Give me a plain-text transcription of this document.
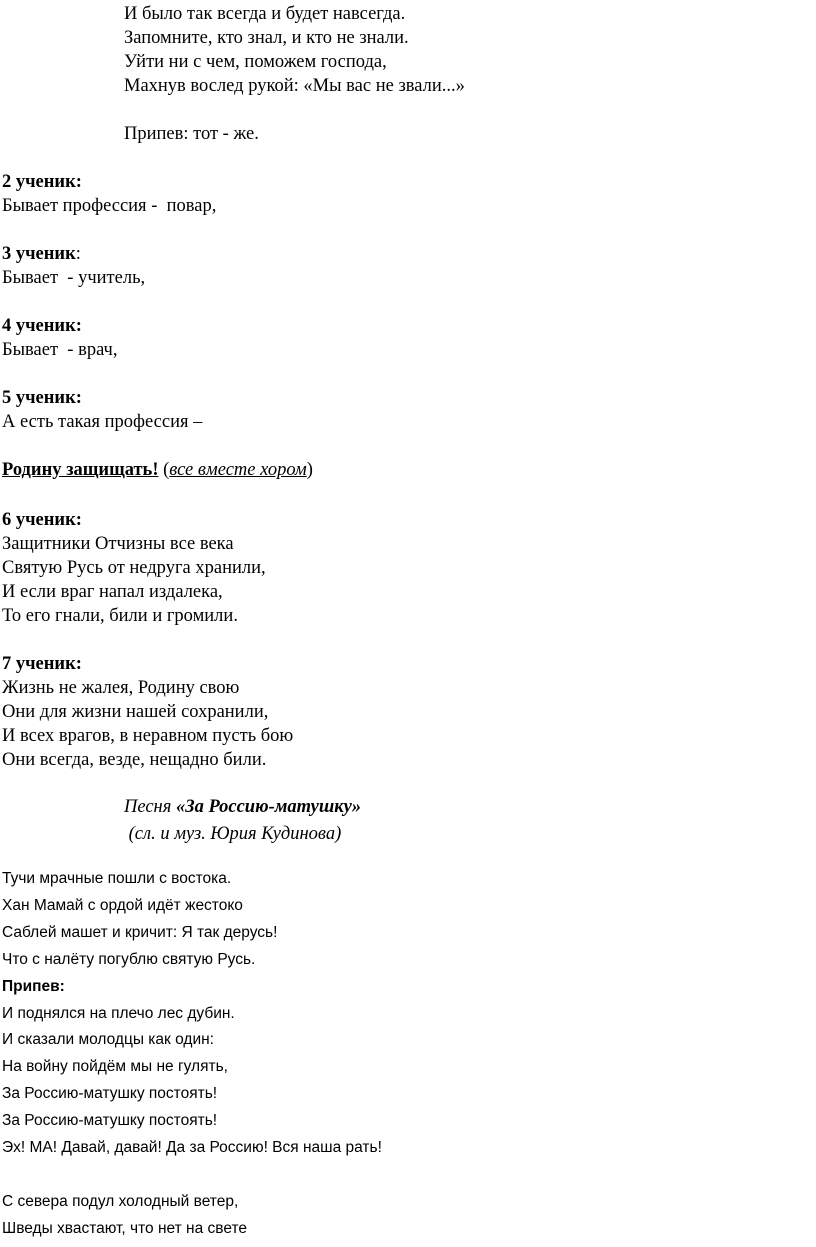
И было так всегда и будет навсегда.
Запомните, кто знал, и кто не знали.
Уйти ни с чем, поможем господа,
Махнув вослед рукой: «Мы вас не звали...»
Припев: тот - же.
2 ученик:
Бывает профессия -  повар,
3 ученик:
Бывает  - учитель,
4 ученик:
Бывает  - врач,
5 ученик:
А есть такая профессия –
Родину защищать! (все вместе хором)
6 ученик:
Защитники Отчизны все века
Святую Русь от недруга хранили,
И если враг напал издалека,
То его гнали, били и громили.
7 ученик:
Жизнь не жалея, Родину свою
Они для жизни нашей сохранили,
И всех врагов, в неравном пусть бою
Они всегда, везде, нещадно били.
Песня «За Россию-матушку»
(сл. и муз. Юрия Кудинова)
Тучи мрачные пошли с востока.
Хан Мамай с ордой идёт жестоко
Саблей машет и кричит: Я так дерусь!
Что с налёту погублю святую Русь.
Припев:
И поднялся на плечо лес дубин.
И сказали молодцы как один:
На войну пойдём мы не гулять,
За Россию-матушку постоять!
За Россию-матушку постоять!
Эх! МА! Давай, давай! Да за Россию! Вся наша рать!
С севера подул холодный ветер,
Шведы хвастают, что нет на свете
